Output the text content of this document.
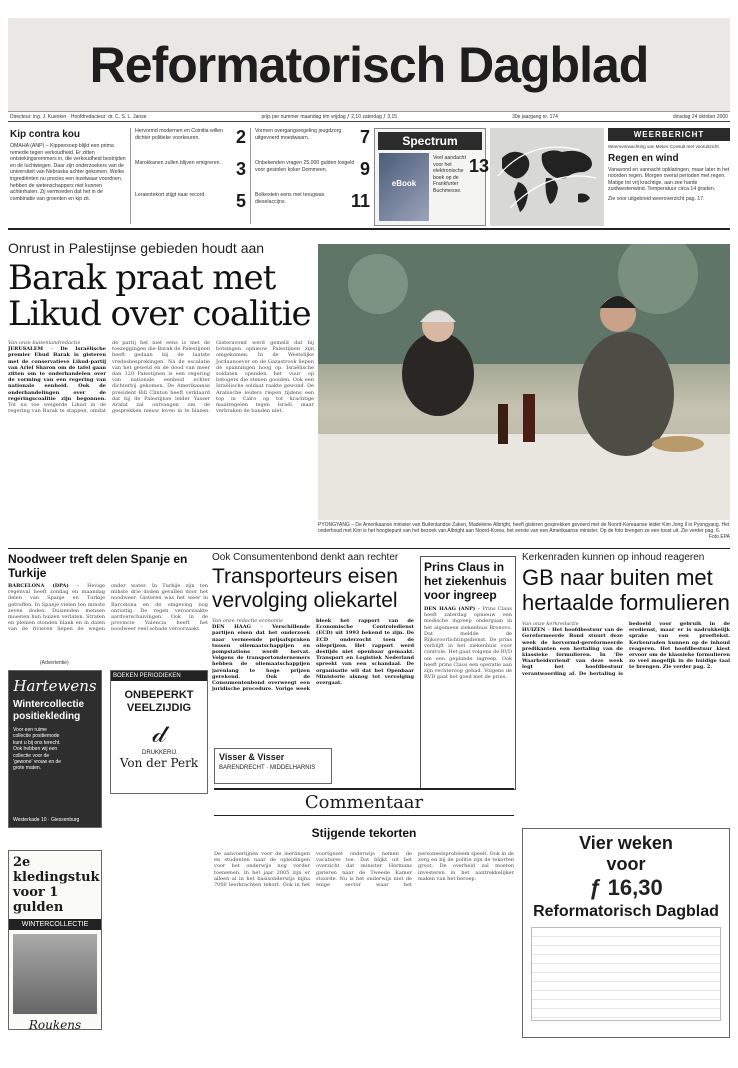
Reformatorisch Dagblad
Directeur: ing. J. Kuenker · Hoofdredacteur: dr. C. S. L. Janse	prijs per nummer maandag t/m vrijdag ƒ 2,10 zaterdag ƒ 3,15	30e jaargang nr. 174	dinsdag 24 oktober 2000
Kip contra kou
OMAHA (ANP) – Kippensoep blijkt een prima remedie tegen verkoudheid. Er zitten ontstekingsremmers in, die verkoudheid bestrijden en de luchtwegen. Daar zijn onderzoekers van de universiteit van Nebraska achter gekomen. Welke ingrediënten nu precies een inzetwaar voordoen, hebben de wetenschappers niet kunnen achterhalen. Zij vermoeden dat het in de combinatie van groenten en kip zit.
Hervormd modernen en Coinitia willen dichter politieke voorkeuren.	2
Marokkanen zullen blijven emigreren. 3
Leraentekort stijgt naar record.	5
Vormen overgangsregeling jeugdzorg uitgevoerd moedwaarn.	7
Onbekenden vragen 25.000 gulden losgeld voor gestolen koker Dommeen.	9
Bolkestein eens met terugwas dieselaccijns.	11
Spectrum
eBook
Veel aandacht voor het elektronische boek op de Frankfurter Buchmesse.
13
WEERBERICHT
Weersverwachting van Meteo Consult met vooruitzicht
Regen en wind
Vanavond en vannacht opklaringen, maar later in het noorden regen. Morgen overal perioden met regen. Matige tot vrij krachtige, aan zee harde zuidwestenwind. Temperatuur circa 14 graden.
Zie voor uitgebreid weeroverzicht pag. 17.
Onrust in Palestijnse gebieden houdt aan
Barak praat met Likud over coalitie
Van onze buitenlandredactie
JERUSALEM – De Israëlische premier Ehud Barak is gisteren met de conservatieve Likud-partij van Ariel Sharon om de tafel gaan zitten om te onderhandelen over de vorming van een regering van nationale eenheid. Ook de onderhandelingen over de regeringscoalitie zijn begonnen. Tot nu toe weigerde Likud in de regering van Barak te stappen, omdat de partij het niet eens is met de toezeggingen die Barak de Palestijnen heeft gedaan bij de laatste vredesbesprekingen. Na de escalatie van het geweld en de dood van meer dan 120 Palestijnen is een regering van nationale eenheid echter dichterbij gekomen. De Amerikaanse president Bill Clinton heeft verklaard dat hij de Palestijnse leider Yasser Arafat zal ontvangen om de gesprekken nieuw leven in te blazen. Gisteravond werd gemeld dat bij botsingen opnieuw Palestijnen zijn omgekomen. In de Westelijke Jordaanoever en de Gazastrook liepen de spanningen hoog op. Israëlische soldaten openden het vuur op betogers die stenen gooiden. Ook een Israëlische soldaat raakte gewond. De Arabische leiders riepen tijdens een top in Caïro op tot krachtige maatregelen tegen Israël, maar verbraken de banden niet.
PYONGYANG – De Amerikaanse minister van Buitenlandse Zaken, Madeleine Albright, heeft gisteren gesprekken gevoerd met de Noord-Koreaanse leider Kim Jong Il in Pyongyang. Het onderhoud met Kim is het hoogtepunt van het bezoek van Albright aan Noord-Korea, het eerste van een Amerikaanse minister. Op de foto brengen ze een toost uit. Zie verder pag. 6.
Foto EPA
Noodweer treft delen Spanje en Turkije
BARCELONA (DPA) – Hevige regenval heeft zondag en maandag delen van Spanje en Turkije getroffen. In Spanje vielen ten minste zeven doden. Duizenden mensen moesten hun huizen verlaten. Straten en pleinen stonden blank en in dalen van de rivieren liepen de wegen onder water. In Turkije zijn ten minste drie doden gevallen door het noodweer. Gisteren was het weer in Barcelona en de omgeving nog onrustig. De regen veroorzaakte aardverschuivingen. Ook in de provincie Valencia heeft het noodweer veel schade veroorzaakt.
Ook Consumentenbond denkt aan rechter
Transporteurs eisen vervolging oliekartel
Van onze redactie economie
DEN HAAG – Verschillende partijen eisen dat het onderzoek naar vermeende prijsafspraken tussen oliemaatschappijen en pompstations wordt hervat. Volgens de transportondernemers hebben de oliemaatschappijen jarenlang te hoge prijzen gerekend. Ook de Consumentenbond overweegt een juridische procedure. Vorige week bleek het rapport van de Economische Controledienst (ECD) uit 1993 bekend te zijn. De ECD onderzocht toen de olieprijzen. Het rapport werd destijds niet openbaar gemaakt. Transport en Logistiek Nederland spreekt van een schandaal. De organisatie wil dat het Openbaar Ministerie alsnog tot vervolging overgaat.
Prins Claus in het ziekenhuis voor ingreep
DEN HAAG (ANP) – Prins Claus heeft zaterdag opnieuw een medische ingreep ondergaan in het algemeen ziekenhuis Bronovo. Dat meldde de Rijksvoorlichtingsdienst. De prins verblijft in het ziekenhuis voor controle. Het gaat volgens de RVD om een geplande ingreep. Ook heeft prins Claus een operatie aan zijn rechteroog gehad. Volgens de RVD gaat het goed met de prins.
Kerkenraden kunnen op inhoud reageren
GB naar buiten met hertaalde formulieren
Van onze kerkredactie
HUIZEN – Het hoofdbestuur van de Gereformeerde Bond stuurt deze week de hervormd-gereformeerde predikanten een hertaling van de klassieke formulieren. In 'De Waarheidsvriend' van deze week legt het hoofdbestuur verantwoording af. De hertaling is bedoeld voor gebruik in de eredienst, maar er is nadrukkelijk sprake van een proeftekst. Kerkenraden kunnen op de inhoud reageren. Het hoofdbestuur kiest ervoor om de klassieke formulieren zo veel mogelijk in de huidige taal te brengen. Zie verder pag. 2.
(Advertentie)
Hartewens
Wintercollectie positiekleding
Voor een ruime collectie positiemode kunt u bij ons terecht. Ook hebben wij een collectie voor de 'gewone' vrouw en de grote maten.
Westerkade 10 · Giessenburg
BOEKEN PERIODIEKEN
ONBEPERKT VEELZIJDIG
𝒹
DRUKKERIJ
Von der Perk	Visser & Visser
BARENDRECHT · MIDDELHARNIS
2e kledingstuk voor 1 gulden
WINTERCOLLECTIE
Roukens
Commentaar
Stijgende tekorten
De aanvoerlijnen voor de leerlingen en studenten naar de opleidingen voor het onderwijs nog verder toenemen. In het jaar 2005 zijn er alleen al in het basisonderwijs bijna 7000 leerkrachten tekort. Ook in het voortgezet onderwijs nemen de vacatures toe. Dat blijkt uit het overzicht dat minister Hermans gisteren naar de Tweede Kamer stuurde. Nu is het onderwijs niet de enige sector waar het personeelsprobleem speelt. Ook in de zorg en bij de politie zijn de tekorten groot. De overheid zal moeten investeren in het aantrekkelijker maken van het beroep.
Vier weken
voor
ƒ 16,30
Reformatorisch Dagblad
